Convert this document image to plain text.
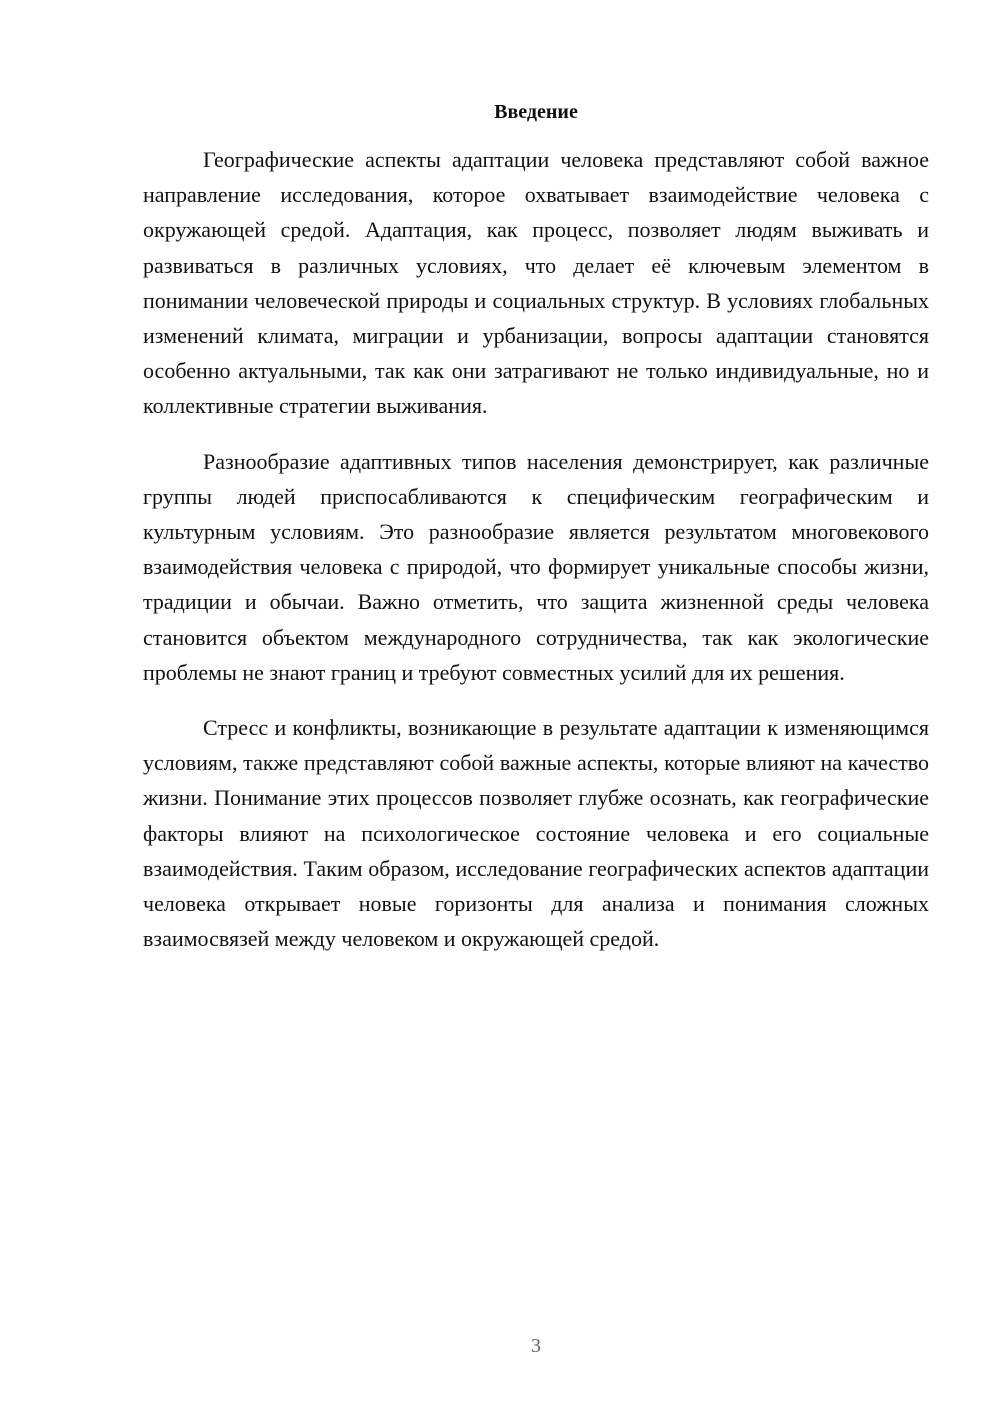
Введение

Географические аспекты адаптации человека представляют собой важное направление исследования, которое охватывает взаимодействие человека с окружающей средой. Адаптация, как процесс, позволяет людям выживать и развиваться в различных условиях, что делает её ключевым элементом в понимании человеческой природы и социальных структур. В условиях глобальных изменений климата, миграции и урбанизации, вопросы адаптации становятся особенно актуальными, так как они затрагивают не только индивидуальные, но и коллективные стратегии выживания.

Разнообразие адаптивных типов населения демонстрирует, как различные группы людей приспосабливаются к специфическим географическим и культурным условиям. Это разнообразие является результатом многовекового взаимодействия человека с природой, что формирует уникальные способы жизни, традиции и обычаи. Важно отметить, что защита жизненной среды человека становится объектом международного сотрудничества, так как экологические проблемы не знают границ и требуют совместных усилий для их решения.

Стресс и конфликты, возникающие в результате адаптации к изменяющимся условиям, также представляют собой важные аспекты, которые влияют на качество жизни. Понимание этих процессов позволяет глубже осознать, как географические факторы влияют на психологическое состояние человека и его социальные взаимодействия. Таким образом, исследование географических аспектов адаптации человека открывает новые горизонты для анализа и понимания сложных взаимосвязей между человеком и окружающей средой.

3
